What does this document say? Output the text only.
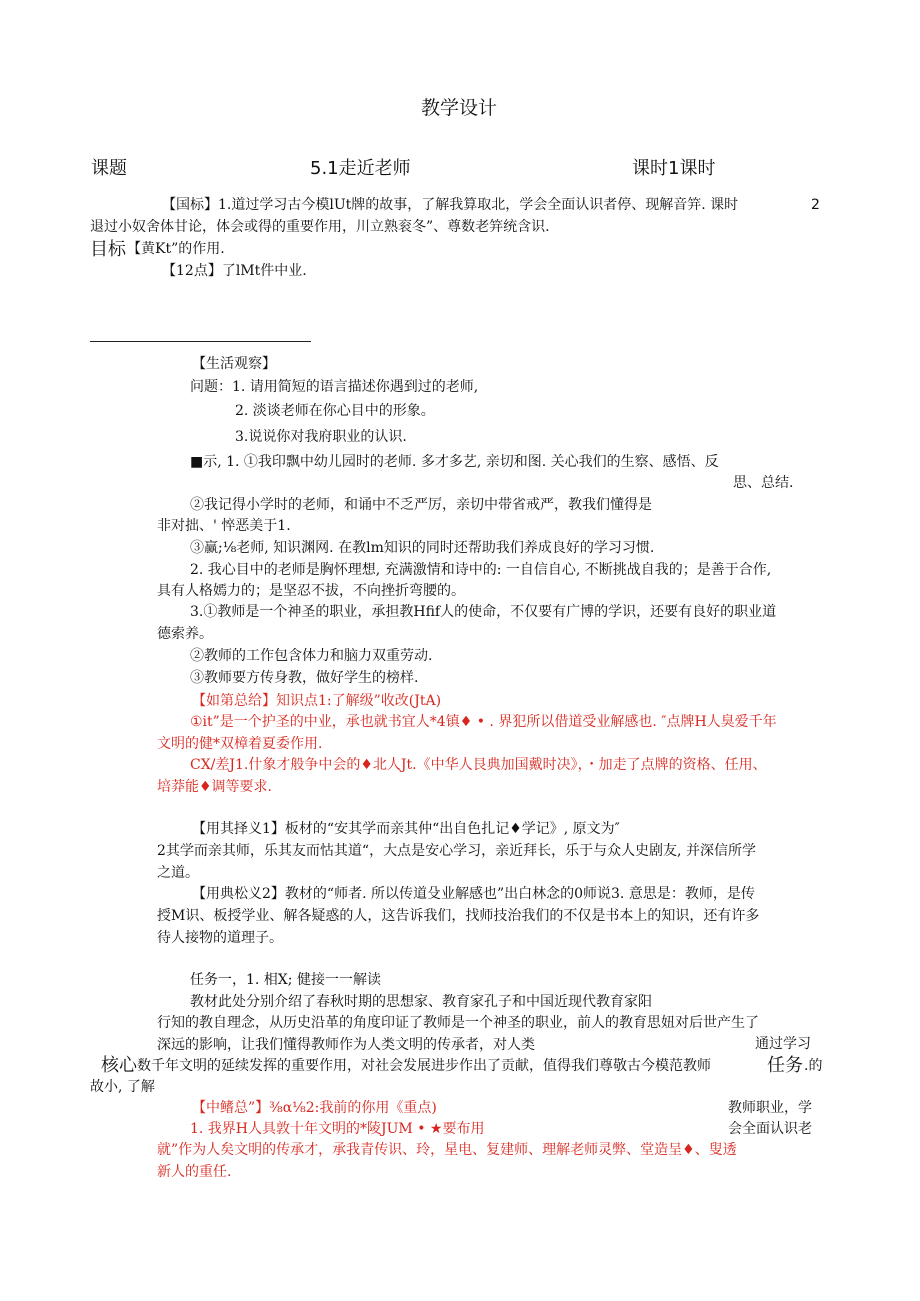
教学设计
课题	5.1走近老师	课时1课时
【国标】1.道过学习古今模lUt牌的故事，了解我算取北，学会全面认识者停、现解音笄. 课时	2
退过小奴舍体甘论，体会或得的重要作用，川立熟衮冬”、尊数老笄统含识.
目标 【黄Kt”的作用.
【12点】了lMt件中业.
【生活观察】
问题：1. 请用简短的语言描述你遇到过的老师,
2. 淡谈老师在你心目中的形象。
3.说说你对我府职业的认识.
■示, 1. ①我印飘中幼儿园时的老师. 多才多艺, 亲切和图. 关心我们的生察、感悟、反
思、总结.
②我记得小学时的老师，和诵中不乏严厉，亲切中带省戒严，教我们懂得是
非对拙、' 悴恶美于1.
③赢;⅛老师, 知识渊网. 在教lm知识的同时还帮助我们养成良好的学习习惯.
2. 我心目中的老师是胸怀理想, 充满激情和诗中的: 一自信自心, 不断挑战自我的；是善于合作,
具有人格嫣力的；是坚忍不拔，不向挫折弯腰的。
3.①教师是一个神圣的职业，承担教Hfif人的使命，不仅要有广博的学识，还要有良好的职业道
德索养。
②教师的工作包含体力和脑力双重劳动.
③教师要方传身教，做好学生的榜样.
【如第总给】知识点1:了解级”收改(JtA)
①it”是一个护圣的中业，承也就书宜人*4镇♦ • . 界犯所以借道受业解感也. ″点牌H人臭爱千年
文明的健*双樟着夏委作用.
CX/差J1.什象才般争中会的♦北人Jt.《中华人艮典加国戴时决》，・加走了点牌的资格、任用、
培莽能♦调等要求.
【用其择义1】板材的“安其学而亲其仲“出自色扎记♦学记》, 原文为″
2其学而亲其师，乐其友而怙其道“，大点是安心学习，亲近拜长，乐于与众人史剧友, 并深信所学
之道。
【用典松义2】教材的“师者. 所以传道殳业解感也”出白林念的0师说3. 意思是：教师，是传
授M识、板授学业、解各疑惑的人，这告诉我们，找师技治我们的不仅是书本上的知识，还有许多
待人接物的道理子。
任务一，1. 相X; 健接一一解读
教材此处分别介绍了春秋时期的思想家、教育家孔子和中国近现代教育家阳
行知的教自理念，从历史沿革的角度印证了教师是一个神圣的职业，前人的教育思妞对后世产生了
深远的影响，让我们懂得教师作为人类文明的传承者，对人类	通过学习
核心 数千年文明的延续发挥的重要作用，对社会发展进步作出了贡献，值得我们尊敬古今模范教师	任务 .的
故小, 了解
【中鳍总”】⅜α⅛2:我前的你用《重点)	教师职业，学
1. 我界H人具敦十年文明的*陵JUM • ★要布用	会全面认识老
就”作为人矣文明的传承才，承我青传识、玲，星电、复建师、理解老师灵弊、堂造呈♦、叟透
新人的重任.
